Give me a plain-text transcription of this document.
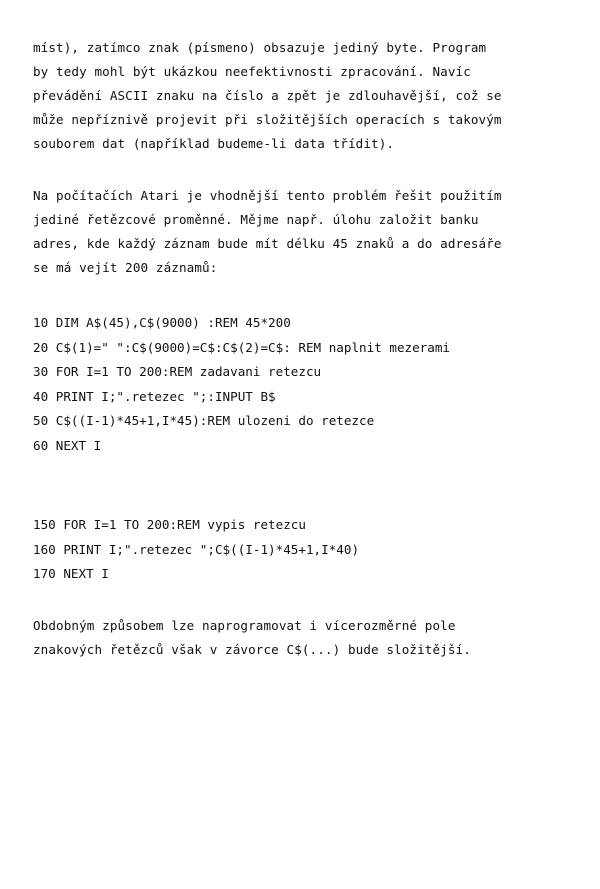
míst), zatímco znak (písmeno) obsazuje jediný byte. Program
by tedy mohl být ukázkou neefektivnosti zpracování. Navíc
převádění ASCII znaku na číslo a zpět je zdlouhavější, což se
může nepříznivě projevit při složitějších operacích s takovým
souborem dat (například budeme-li data třídit).
Na počítačích Atari je vhodnější tento problém řešit použitím
jediné řetězcové proměnné. Mějme např. úlohu založit banku
adres, kde každý záznam bude mít délku 45 znaků a do adresáře
se má vejít 200 záznamů:
10 DIM A$(45),C$(9000) :REM 45*200
20 C$(1)=" ":C$(9000)=C$:C$(2)=C$: REM naplnit mezerami
30 FOR I=1 TO 200:REM zadavani retezcu
40 PRINT I;".retezec ";:INPUT B$
50 C$((I-1)*45+1,I*45):REM ulozeni do retezce
60 NEXT I
150 FOR I=1 TO 200:REM vypis retezcu
160 PRINT I;".retezec ";C$((I-1)*45+1,I*40)
170 NEXT I
Obdobným způsobem lze naprogramovat i vícerozměrné pole
znakových řetězců však v závorce C$(...) bude složitější.
